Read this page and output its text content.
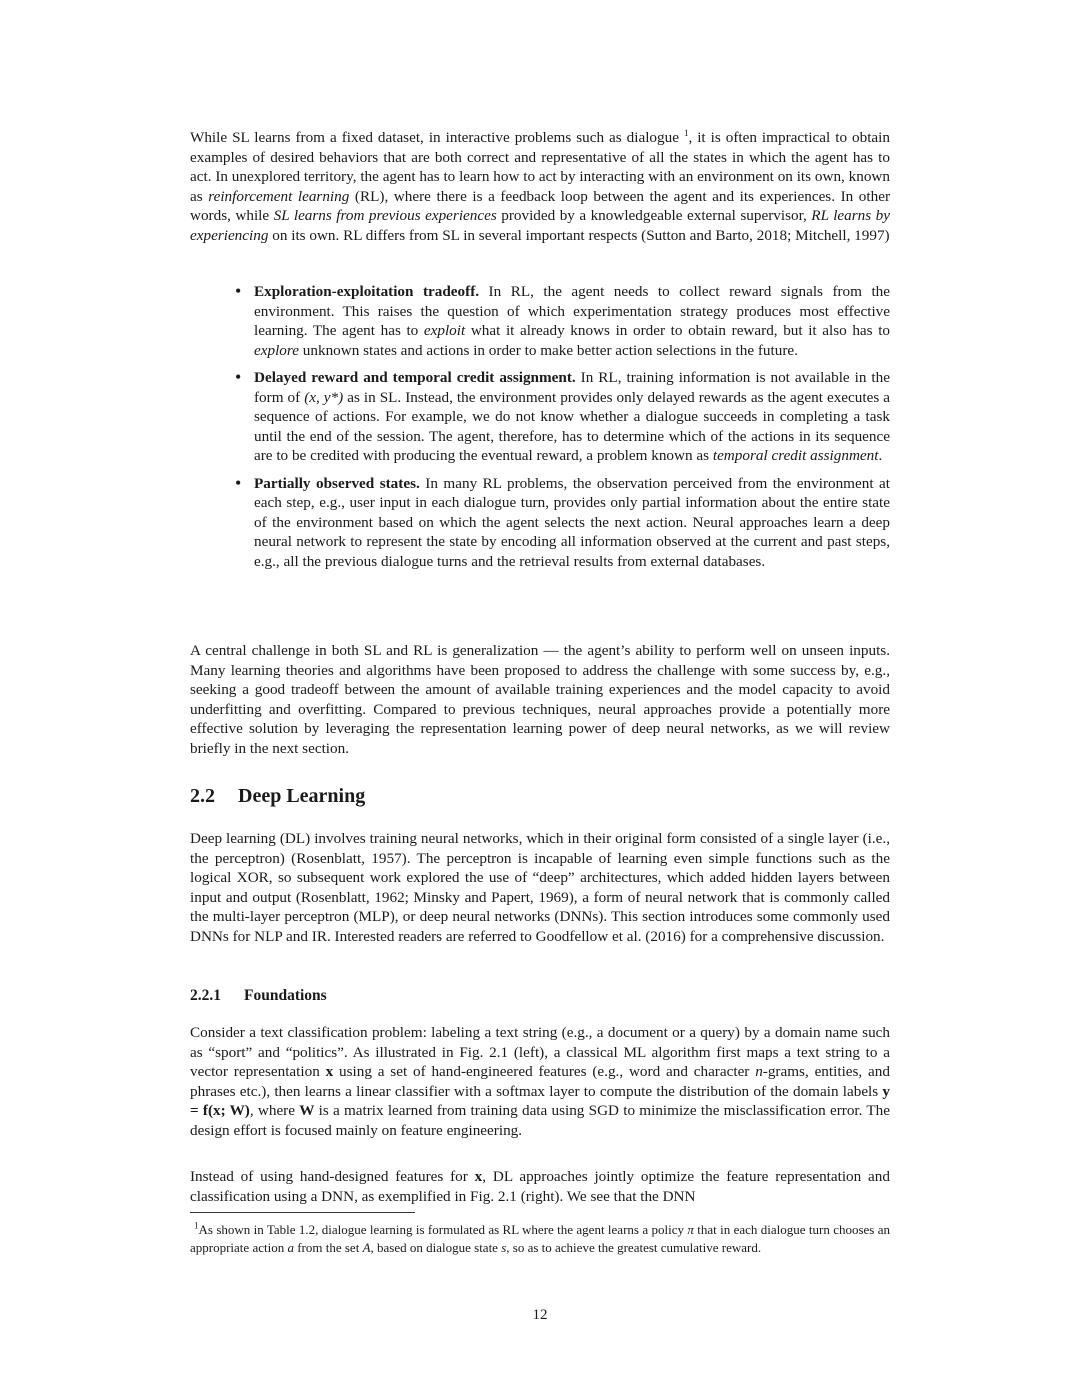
While SL learns from a fixed dataset, in interactive problems such as dialogue $^1$, it is often impractical to obtain examples of desired behaviors that are both correct and representative of all the states in which the agent has to act. In unexplored territory, the agent has to learn how to act by interacting with an environment on its own, known as reinforcement learning (RL), where there is a feedback loop between the agent and its experiences. In other words, while SL learns from previous experiences provided by a knowledgeable external supervisor, RL learns by experiencing on its own. RL differs from SL in several important respects (Sutton and Barto, 2018; Mitchell, 1997)

• Exploration-exploitation tradeoff. In RL, the agent needs to collect reward signals from the environment. This raises the question of which experimentation strategy produces most effective learning. The agent has to exploit what it already knows in order to obtain reward, but it also has to explore unknown states and actions in order to make better action selections in the future.
• Delayed reward and temporal credit assignment. In RL, training information is not available in the form of (x, y*) as in SL. Instead, the environment provides only delayed rewards as the agent executes a sequence of actions. For example, we do not know whether a dialogue succeeds in completing a task until the end of the session. The agent, therefore, has to determine which of the actions in its sequence are to be credited with producing the eventual reward, a problem known as temporal credit assignment.
• Partially observed states. In many RL problems, the observation perceived from the environment at each step, e.g., user input in each dialogue turn, provides only partial information about the entire state of the environment based on which the agent selects the next action. Neural approaches learn a deep neural network to represent the state by encoding all information observed at the current and past steps, e.g., all the previous dialogue turns and the retrieval results from external databases.

A central challenge in both SL and RL is generalization — the agent’s ability to perform well on unseen inputs. Many learning theories and algorithms have been proposed to address the challenge with some success by, e.g., seeking a good tradeoff between the amount of available training experiences and the model capacity to avoid underfitting and overfitting. Compared to previous techniques, neural approaches provide a potentially more effective solution by leveraging the representation learning power of deep neural networks, as we will review briefly in the next section.

2.2 Deep Learning

Deep learning (DL) involves training neural networks, which in their original form consisted of a single layer (i.e., the perceptron) (Rosenblatt, 1957). The perceptron is incapable of learning even simple functions such as the logical XOR, so subsequent work explored the use of “deep” architectures, which added hidden layers between input and output (Rosenblatt, 1962; Minsky and Papert, 1969), a form of neural network that is commonly called the multi-layer perceptron (MLP), or deep neural networks (DNNs). This section introduces some commonly used DNNs for NLP and IR. Interested readers are referred to Goodfellow et al. (2016) for a comprehensive discussion.

2.2.1 Foundations

Consider a text classification problem: labeling a text string (e.g., a document or a query) by a domain name such as “sport” and “politics”. As illustrated in Fig. 2.1 (left), a classical ML algorithm first maps a text string to a vector representation x using a set of hand-engineered features (e.g., word and character n-grams, entities, and phrases etc.), then learns a linear classifier with a softmax layer to compute the distribution of the domain labels y = f(x; W), where W is a matrix learned from training data using SGD to minimize the misclassification error. The design effort is focused mainly on feature engineering.

Instead of using hand-designed features for x, DL approaches jointly optimize the feature representation and classification using a DNN, as exemplified in Fig. 2.1 (right). We see that the DNN

$^1$As shown in Table 1.2, dialogue learning is formulated as RL where the agent learns a policy π that in each dialogue turn chooses an appropriate action a from the set A, based on dialogue state s, so as to achieve the greatest cumulative reward.
12
